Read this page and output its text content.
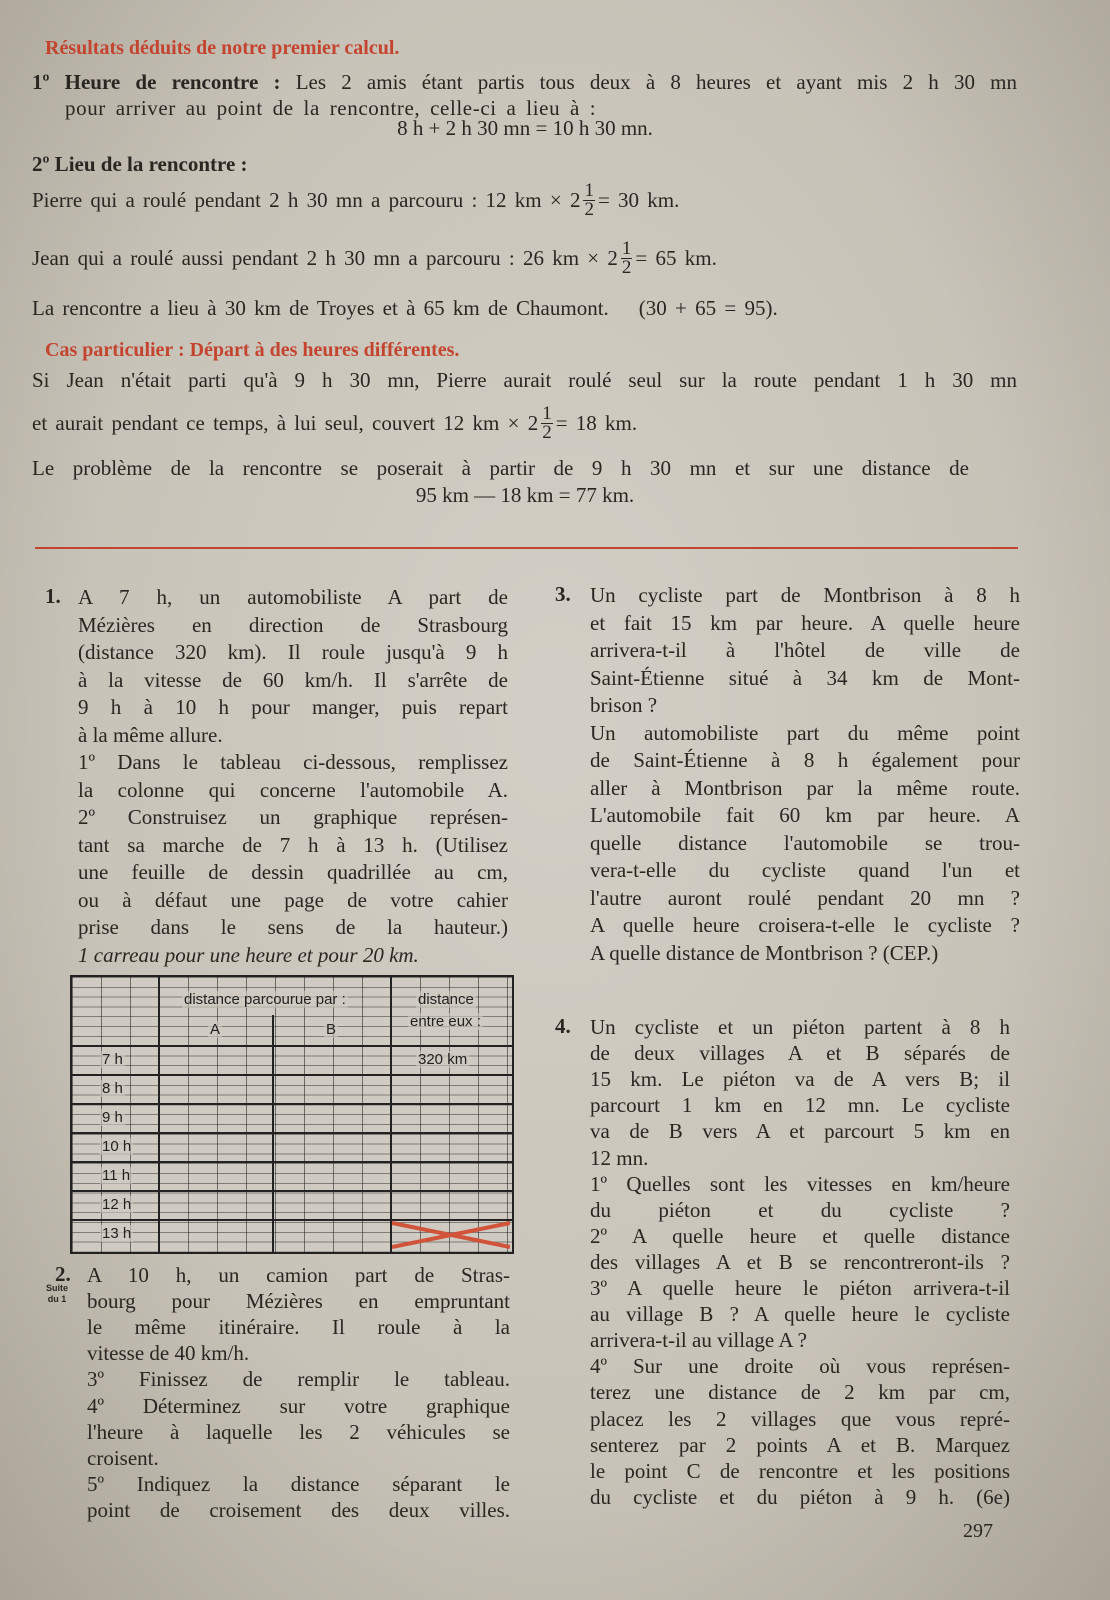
Résultats déduits de notre premier calcul.
1º Heure de rencontre : Les 2 amis étant partis tous deux à 8 heures et ayant mis 2 h 30 mn
pour arriver au point de la rencontre, celle-ci a lieu à :
8 h + 2 h 30 mn = 10 h 30 mn.
2º Lieu de la rencontre :
Pierre qui a roulé pendant 2 h 30 mn a parcouru : 12 km × $2 \frac{1}{2} = 30$ km.
Jean qui a roulé aussi pendant 2 h 30 mn a parcouru : 26 km × $2 \frac{1}{2} = 65$ km.
La rencontre a lieu à 30 km de Troyes et à 65 km de Chaumont. (30 + 65 = 95).
Cas particulier : Départ à des heures différentes.
Si Jean n'était parti qu'à 9 h 30 mn, Pierre aurait roulé seul sur la route pendant 1 h 30 mn
et aurait pendant ce temps, à lui seul, couvert 12 km × $2 \frac{1}{2} = 18$ km.
Le problème de la rencontre se poserait à partir de 9 h 30 mn et sur une distance de
95 km — 18 km = 77 km.
1.
2.
Suite
du 1
3.
4.
distance parcourue par :
A	B
distance
entre eux :
320 km
7 h
8 h
9 h
10 h
11 h
12 h
13 h
297
A 7 h, un automobiliste A part de
Mézières en direction de Strasbourg
(distance 320 km). Il roule jusqu'à 9 h
à la vitesse de 60 km/h. Il s'arrête de
9 h à 10 h pour manger, puis repart
à la même allure.
1º Dans le tableau ci-dessous, remplissez
la colonne qui concerne l'automobile A.
2º Construisez un graphique représen-
tant sa marche de 7 h à 13 h. (Utilisez
une feuille de dessin quadrillée au cm,
ou à défaut une page de votre cahier
prise dans le sens de la hauteur.)
1 carreau pour une heure et pour 20 km.
A 10 h, un camion part de Stras-
bourg pour Mézières en empruntant
le même itinéraire. Il roule à la
vitesse de 40 km/h.
3º Finissez de remplir le tableau.
4º Déterminez sur votre graphique
l'heure à laquelle les 2 véhicules se
croisent.
5º Indiquez la distance séparant le
point de croisement des deux villes.
Un cycliste part de Montbrison à 8 h
et fait 15 km par heure. A quelle heure
arrivera-t-il à l'hôtel de ville de
Saint-Étienne situé à 34 km de Mont-
brison ?
Un automobiliste part du même point
de Saint-Étienne à 8 h également pour
aller à Montbrison par la même route.
L'automobile fait 60 km par heure. A
quelle distance l'automobile se trou-
vera-t-elle du cycliste quand l'un et
l'autre auront roulé pendant 20 mn ?
A quelle heure croisera-t-elle le cycliste ?
A quelle distance de Montbrison ? (CEP.)
Un cycliste et un piéton partent à 8 h
de deux villages A et B séparés de
15 km. Le piéton va de A vers B; il
parcourt 1 km en 12 mn. Le cycliste
va de B vers A et parcourt 5 km en
12 mn.
1º Quelles sont les vitesses en km/heure
du piéton et du cycliste ?
2º A quelle heure et quelle distance
des villages A et B se rencontreront-ils ?
3º A quelle heure le piéton arrivera-t-il
au village B ? A quelle heure le cycliste
arrivera-t-il au village A ?
4º Sur une droite où vous représen-
terez une distance de 2 km par cm,
placez les 2 villages que vous repré-
senterez par 2 points A et B. Marquez
le point C de rencontre et les positions
du cycliste et du piéton à 9 h. (6e)
